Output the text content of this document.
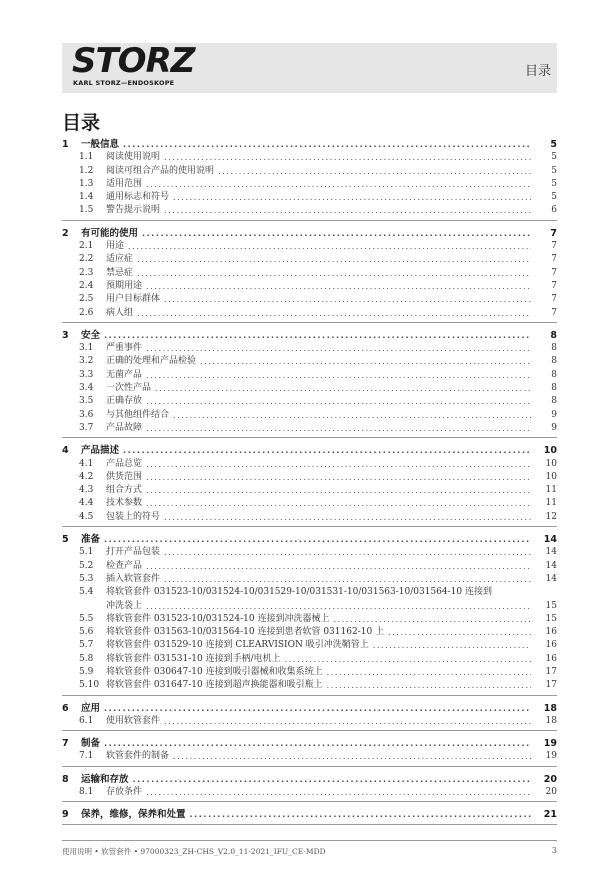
STORZ
KARL STORZ—ENDOSKOPE
目录
目录
1	一般信息 .....	5
1.1	阅读使用说明 .....	5
1.2	阅读可组合产品的使用说明 .....	5
1.3	适用范围 .....	5
1.4	通用标志和符号 .....	5
1.5	警告提示说明 .....	6
2	有可能的使用 .....	7
2.1	用途 .....	7
2.2	适应症 .....	7
2.3	禁忌症 .....	7
2.4	预期用途 .....	7
2.5	用户目标群体 .....	7
2.6	病人组 .....	7
3	安全 .....	8
3.1	严重事件 .....	8
3.2	正确的处理和产品检验 .....	8
3.3	无菌产品 .....	8
3.4	一次性产品 .....	8
3.5	正确存放 .....	8
3.6	与其他组件结合 .....	9
3.7	产品故障 .....	9
4	产品描述 .....	10
4.1	产品总览 .....	10
4.2	供货范围 .....	10
4.3	组合方式 .....	11
4.4	技术参数 .....	11
4.5	包装上的符号 .....	12
5	准备 .....	14
5.1	打开产品包装 .....	14
5.2	检查产品 .....	14
5.3	插入软管套件 .....	14
5.4	将软管套件 031523-10/031524-10/031529-10/031531-10/031563-10/031564-10 连接到
冲洗袋上 .....	15
5.5	将软管套件 031523-10/031524-10 连接到冲洗器械上 .....	15
5.6	将软管套件 031563-10/031564-10 连接到患者软管 031162-10 上 .....	16
5.7	将软管套件 031529-10 连接到 CLEARVISION 吸引冲洗鞘管上 .....	16
5.8	将软管套件 031531-10 连接到手柄/电机上 .....	16
5.9	将软管套件 030647-10 连接到吸引器械和收集系统上 .....	17
5.10 将软管套件 031647-10 连接到超声换能器和吸引瓶上 .....	17
6	应用 .....	18
6.1	使用软管套件 .....	18
7	制备 .....	19
7.1	软管套件的制备 .....	19
8	运输和存放 .....	20
8.1	存放条件 .....	20
9	保养，维修，保养和处置 .....	21
使用说明 • 软管套件 • 97000323_ZH-CHS_V2.0_11-2021_IFU_CE-MDD	3
